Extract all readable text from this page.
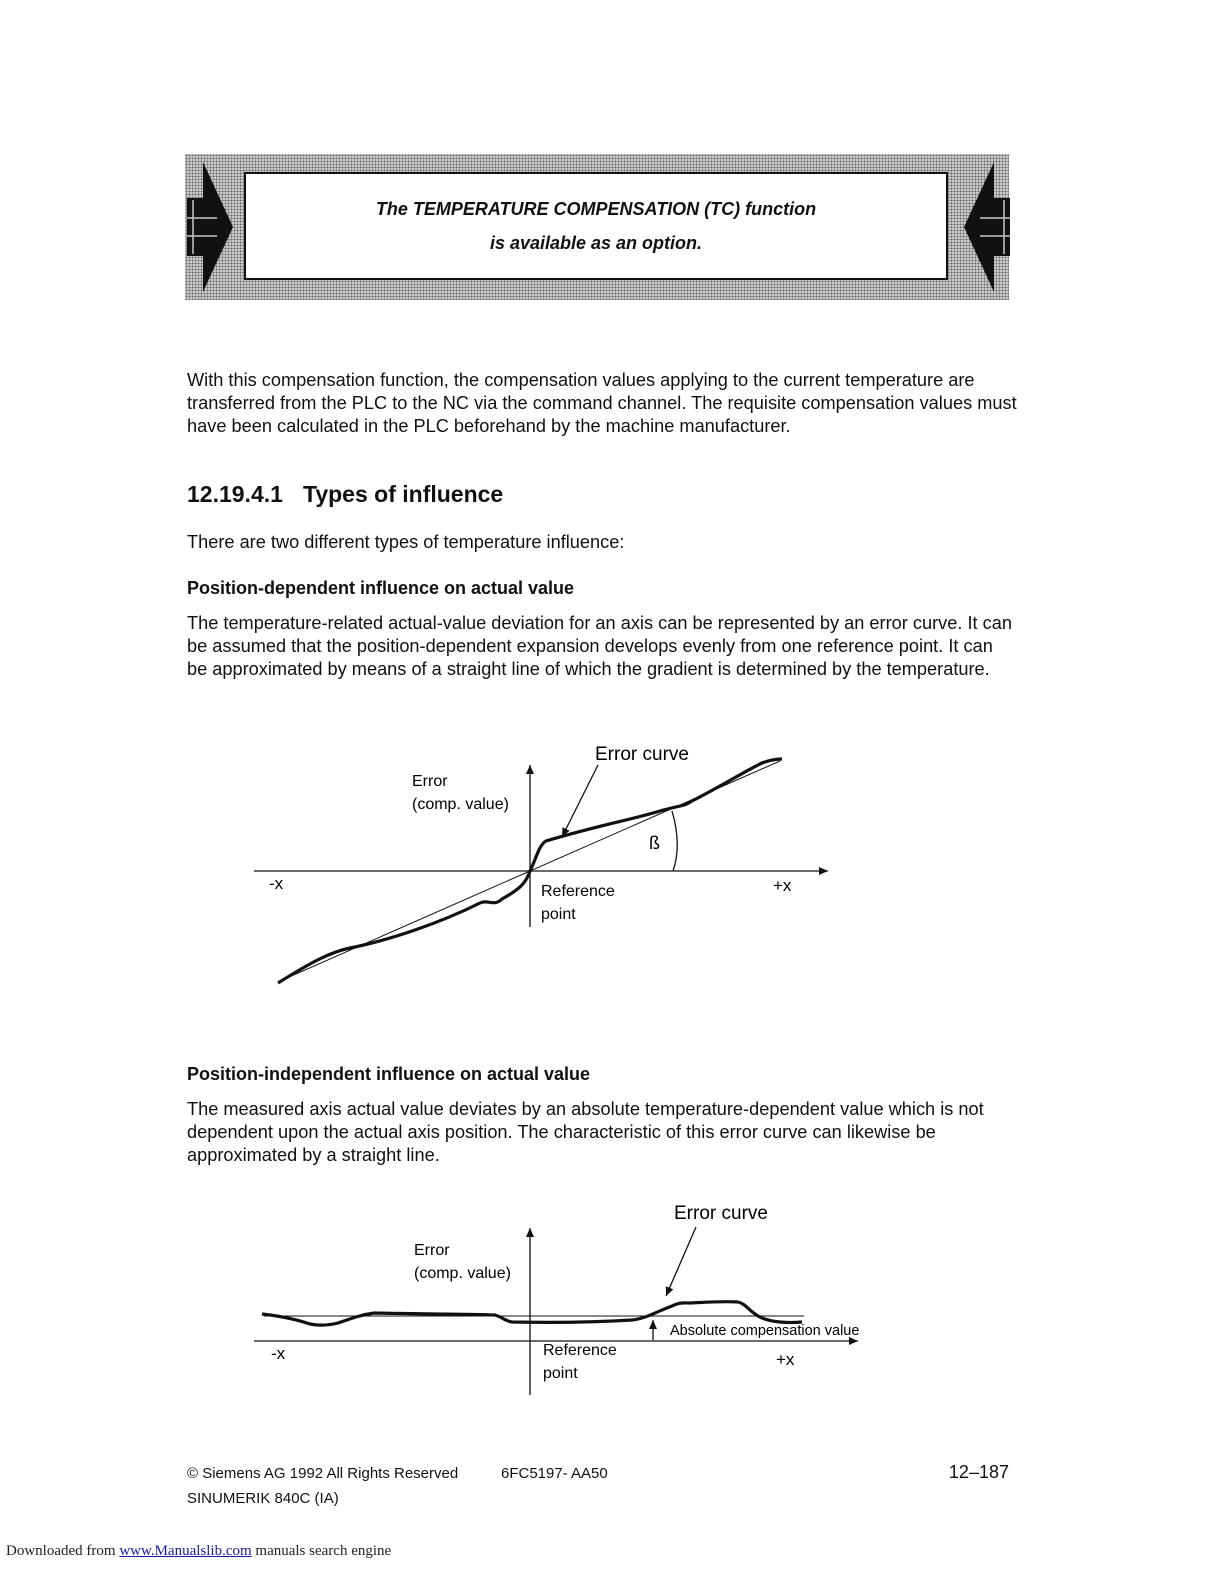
The TEMPERATURE COMPENSATION (TC) function
is available as an option.

With this compensation function, the compensation values applying to the current temperature are transferred from the PLC to the NC via the command channel. The requisite compensation values must have been calculated in the PLC beforehand by the machine manufacturer.

12.19.4.1 Types of influence

There are two different types of temperature influence:

Position-dependent influence on actual value

The temperature-related actual-value deviation for an axis can be represented by an error curve. It can be assumed that the position-dependent expansion develops evenly from one reference point. It can be approximated by means of a straight line of which the gradient is determined by the temperature.

Error curve
Error
(comp. value)
ß
-x	+x
Reference
point
Position-independent influence on actual value

The measured axis actual value deviates by an absolute temperature-dependent value which is not dependent upon the actual axis position. The characteristic of this error curve can likewise be approximated by a straight line.

Error curve
Error
(comp. value)
Absolute compensation value
-x	+x
Reference
point
© Siemens AG 1992 All Rights Reserved	6FC5197- AA50	12–187
SINUMERIK 840C (IA)
Downloaded from www.Manualslib.com manuals search engine
